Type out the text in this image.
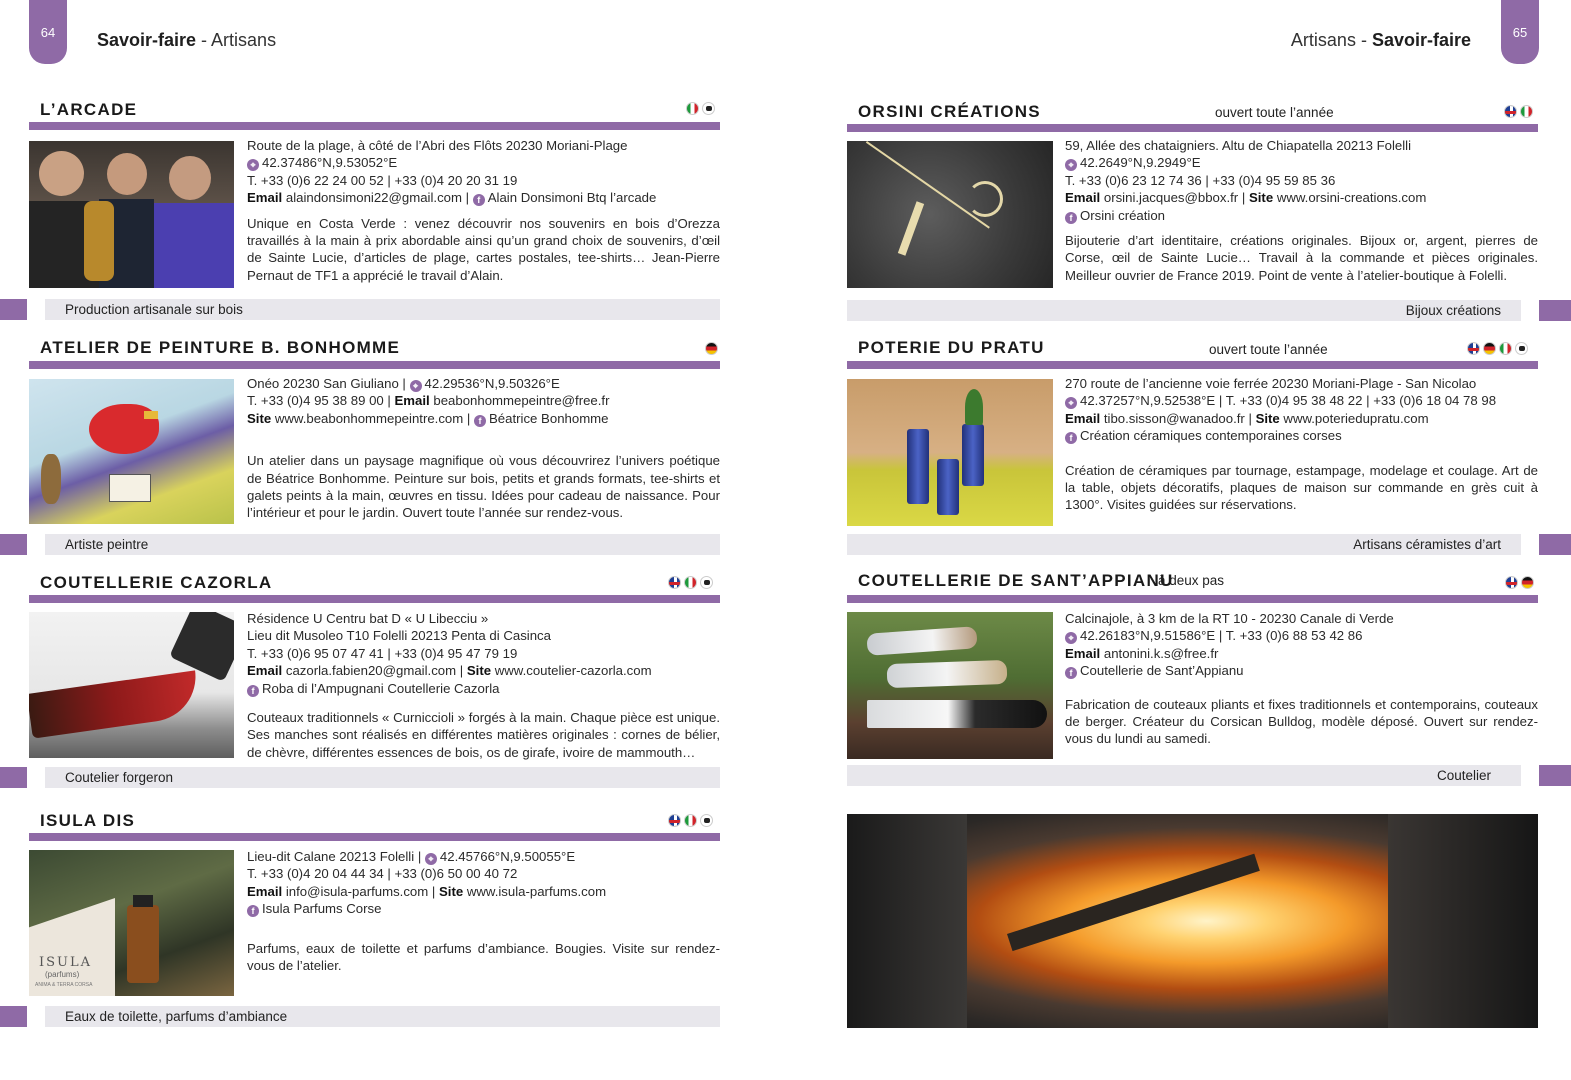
64 Savoir-faire - Artisans	Artisans - Savoir-faire	65
L’ARCADE

Route de la plage, à côté de l’Abri des Flôts 20230 Moriani-Plage

⌖ 42.37486°N,9.53052°E

T. +33 (0)6 22 24 00 52 | +33 (0)4 20 20 31 19

Email alaindonsimoni22@gmail.com | f Alain Donsimoni Btq l’arcade

Unique en Costa Verde : venez découvrir nos souvenirs en bois d’Orezza travaillés à la main à prix abordable ainsi qu’un grand choix de souvenirs, d’œil de Sainte Lucie, d’articles de plage, cartes postales, tee-shirts… Jean-Pierre Pernaut de TF1 a apprécié le travail d’Alain.

Production artisanale sur bois
ATELIER DE PEINTURE B. BONHOMME

Onéo 20230 San Giuliano | ⌖ 42.29536°N,9.50326°E

T. +33 (0)4 95 38 89 00 | Email beabonhommepeintre@free.fr

Site www.beabonhommepeintre.com | f Béatrice Bonhomme

Un atelier dans un paysage magnifique où vous découvrirez l’univers poétique de Béatrice Bonhomme. Peinture sur bois, petits et grands formats, tee-shirts et galets peints à la main, œuvres en tissu. Idées pour cadeau de naissance. Pour l’intérieur et pour le jardin. Ouvert toute l’année sur rendez-vous.

Artiste peintre
COUTELLERIE CAZORLA

Résidence U Centru bat D « U Libecciu »

Lieu dit Musoleo T10 Folelli 20213 Penta di Casinca

T. +33 (0)6 95 07 47 41 | +33 (0)4 95 47 79 19

Email cazorla.fabien20@gmail.com | Site www.coutelier-cazorla.com

f Roba di l’Ampugnani Coutellerie Cazorla

Couteaux traditionnels « Curniccioli » forgés à la main. Chaque pièce est unique. Ses manches sont réalisés en différentes matières originales : cornes de bélier, de chèvre, différentes essences de bois, os de girafe, ivoire de mammouth…

Coutelier forgeron
ISULA DIS
ISULA
(parfums)
ANIMA & TERRA CORSA

Lieu-dit Calane 20213 Folelli | ⌖ 42.45766°N,9.50055°E

T. +33 (0)4 20 04 44 34 | +33 (0)6 50 00 40 72

Email info@isula-parfums.com | Site www.isula-parfums.com

f Isula Parfums Corse

Parfums, eaux de toilette et parfums d’ambiance. Bougies. Visite sur rendez-vous de l’atelier.

Eaux de toilette, parfums d’ambiance
ORSINI CRÉATIONS	ouvert toute l’année

59, Allée des chataigniers. Altu de Chiapatella 20213 Folelli

⌖ 42.2649°N,9.2949°E

T. +33 (0)6 23 12 74 36 | +33 (0)4 95 59 85 36

Email orsini.jacques@bbox.fr | Site www.orsini-creations.com

f Orsini création

Bijouterie d’art identitaire, créations originales. Bijoux or, argent, pierres de Corse, œil de Sainte Lucie… Travail à la commande et pièces originales. Meilleur ouvrier de France 2019. Point de vente à l’atelier-boutique à Folelli.

Bijoux créations
POTERIE DU PRATU	ouvert toute l’année

270 route de l’ancienne voie ferrée 20230 Moriani-Plage - San Nicolao

⌖ 42.37257°N,9.52538°E | T. +33 (0)4 95 38 48 22 | +33 (0)6 18 04 78 98

Email tibo.sisson@wanadoo.fr | Site www.poteriedupratu.com

f Création céramiques contemporaines corses

Création de céramiques par tournage, estampage, modelage et coulage. Art de la table, objets décoratifs, plaques de maison sur commande en grès cuit à 1300°. Visites guidées sur réservations.

Artisans céramistes d’art
COUTELLERIE DE SANT’APPIANU
à deux pas

Calcinajole, à 3 km de la RT 10 - 20230 Canale di Verde

⌖ 42.26183°N,9.51586°E | T. +33 (0)6 88 53 42 86

Email antonini.k.s@free.fr

f Coutellerie de Sant’Appianu

Fabrication de couteaux pliants et fixes traditionnels et contemporains, couteaux de berger. Créateur du Corsican Bulldog, modèle déposé. Ouvert sur rendez-vous du lundi au samedi.

Coutelier
